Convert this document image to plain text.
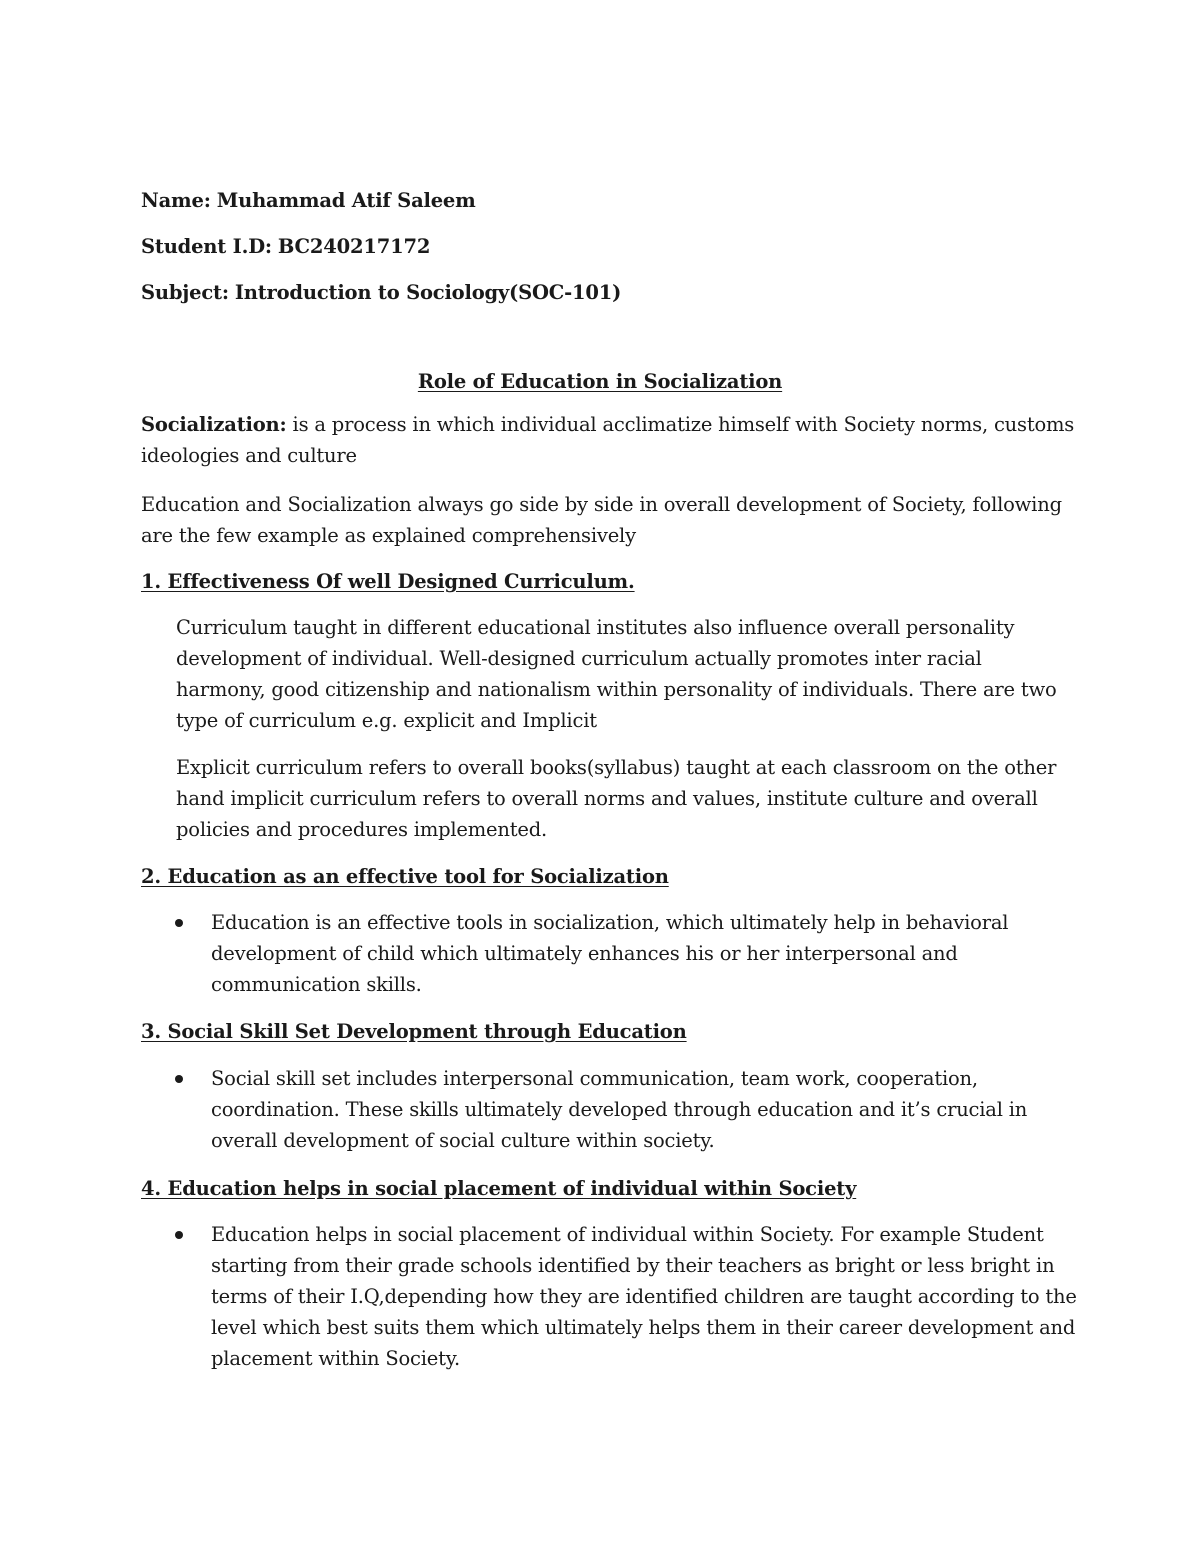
Name: Muhammad Atif Saleem
Student I.D: BC240217172
Subject: Introduction to Sociology(SOC-101)
Role of Education in Socialization

Socialization: is a process in which individual acclimatize himself with Society norms, customs

ideologies and culture

Education and Socialization always go side by side in overall development of Society, following

are the few example as explained comprehensively

1. Effectiveness Of well Designed Curriculum.

Curriculum taught in different educational institutes also influence overall personality

development of individual. Well-designed curriculum actually promotes inter racial

harmony, good citizenship and nationalism within personality of individuals. There are two

type of curriculum e.g. explicit and Implicit

Explicit curriculum refers to overall books(syllabus) taught at each classroom on the other

hand implicit curriculum refers to overall norms and values, institute culture and overall

policies and procedures implemented.

2. Education as an effective tool for Socialization

Education is an effective tools in socialization, which ultimately help in behavioral

development of child which ultimately enhances his or her interpersonal and

communication skills.

3. Social Skill Set Development through Education

Social skill set includes interpersonal communication, team work, cooperation,

coordination. These skills ultimately developed through education and it’s crucial in

overall development of social culture within society.

4. Education helps in social placement of individual within Society

Education helps in social placement of individual within Society. For example Student

starting from their grade schools identified by their teachers as bright or less bright in

terms of their I.Q,depending how they are identified children are taught according to the

level which best suits them which ultimately helps them in their career development and

placement within Society.
